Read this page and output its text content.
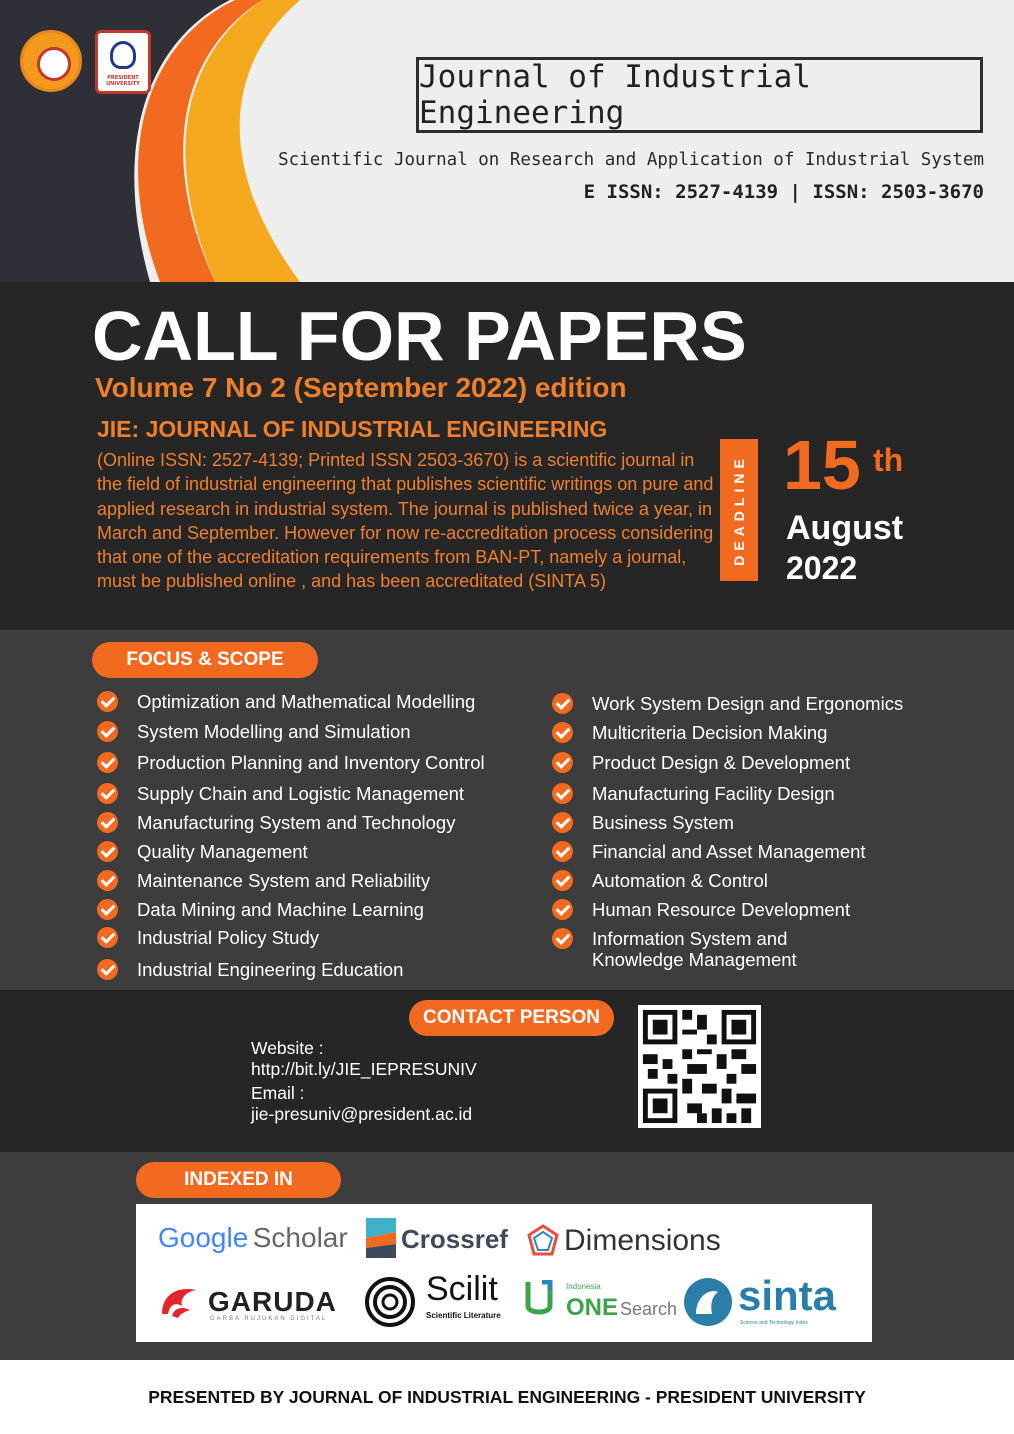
PRESIDENT UNIVERSITY	Journal of Industrial Engineering
Scientific Journal on Research and Application of Industrial System
E ISSN: 2527-4139 | ISSN: 2503-3670
CALL FOR PAPERS
Volume 7 No 2 (September 2022) edition
JIE: JOURNAL OF INDUSTRIAL ENGINEERING
(Online ISSN: 2527-4139; Printed ISSN 2503-3670) is a scientific journal in the field of industrial engineering that publishes scientific writings on pure and applied research in industrial system. The journal is published twice a year, in March and September. However for now re-accreditation process considering that one of the accreditation requirements from BAN-PT, namely a journal, must be published online , and has been accreditated (SINTA 5)
DEADLINE 15 th
August
2022
FOCUS & SCOPE
Optimization and Mathematical Modelling
System Modelling and Simulation
Production Planning and Inventory Control
Supply Chain and Logistic Management
Manufacturing System and Technology
Quality Management
Maintenance System and Reliability
Data Mining and Machine Learning
Industrial Policy Study
Industrial Engineering Education
Work System Design and Ergonomics
Multicriteria Decision Making
Product Design & Development
Manufacturing Facility Design
Business System
Financial and Asset Management
Automation & Control
Human Resource Development
Information System and
Knowledge Management
CONTACT PERSON
Website :
http://bit.ly/JIE_IEPRESUNIV
Email :
jie-presuniv@president.ac.id
INDEXED IN
Google Scholar Crossref Dimensions
GARUDA
GARBA RUJUKAN DIGITAL
Scilit
Scientific Literature
Indonesia
ONE Search sinta
Science and Technology Index
PRESENTED BY JOURNAL OF INDUSTRIAL ENGINEERING - PRESIDENT UNIVERSITY
